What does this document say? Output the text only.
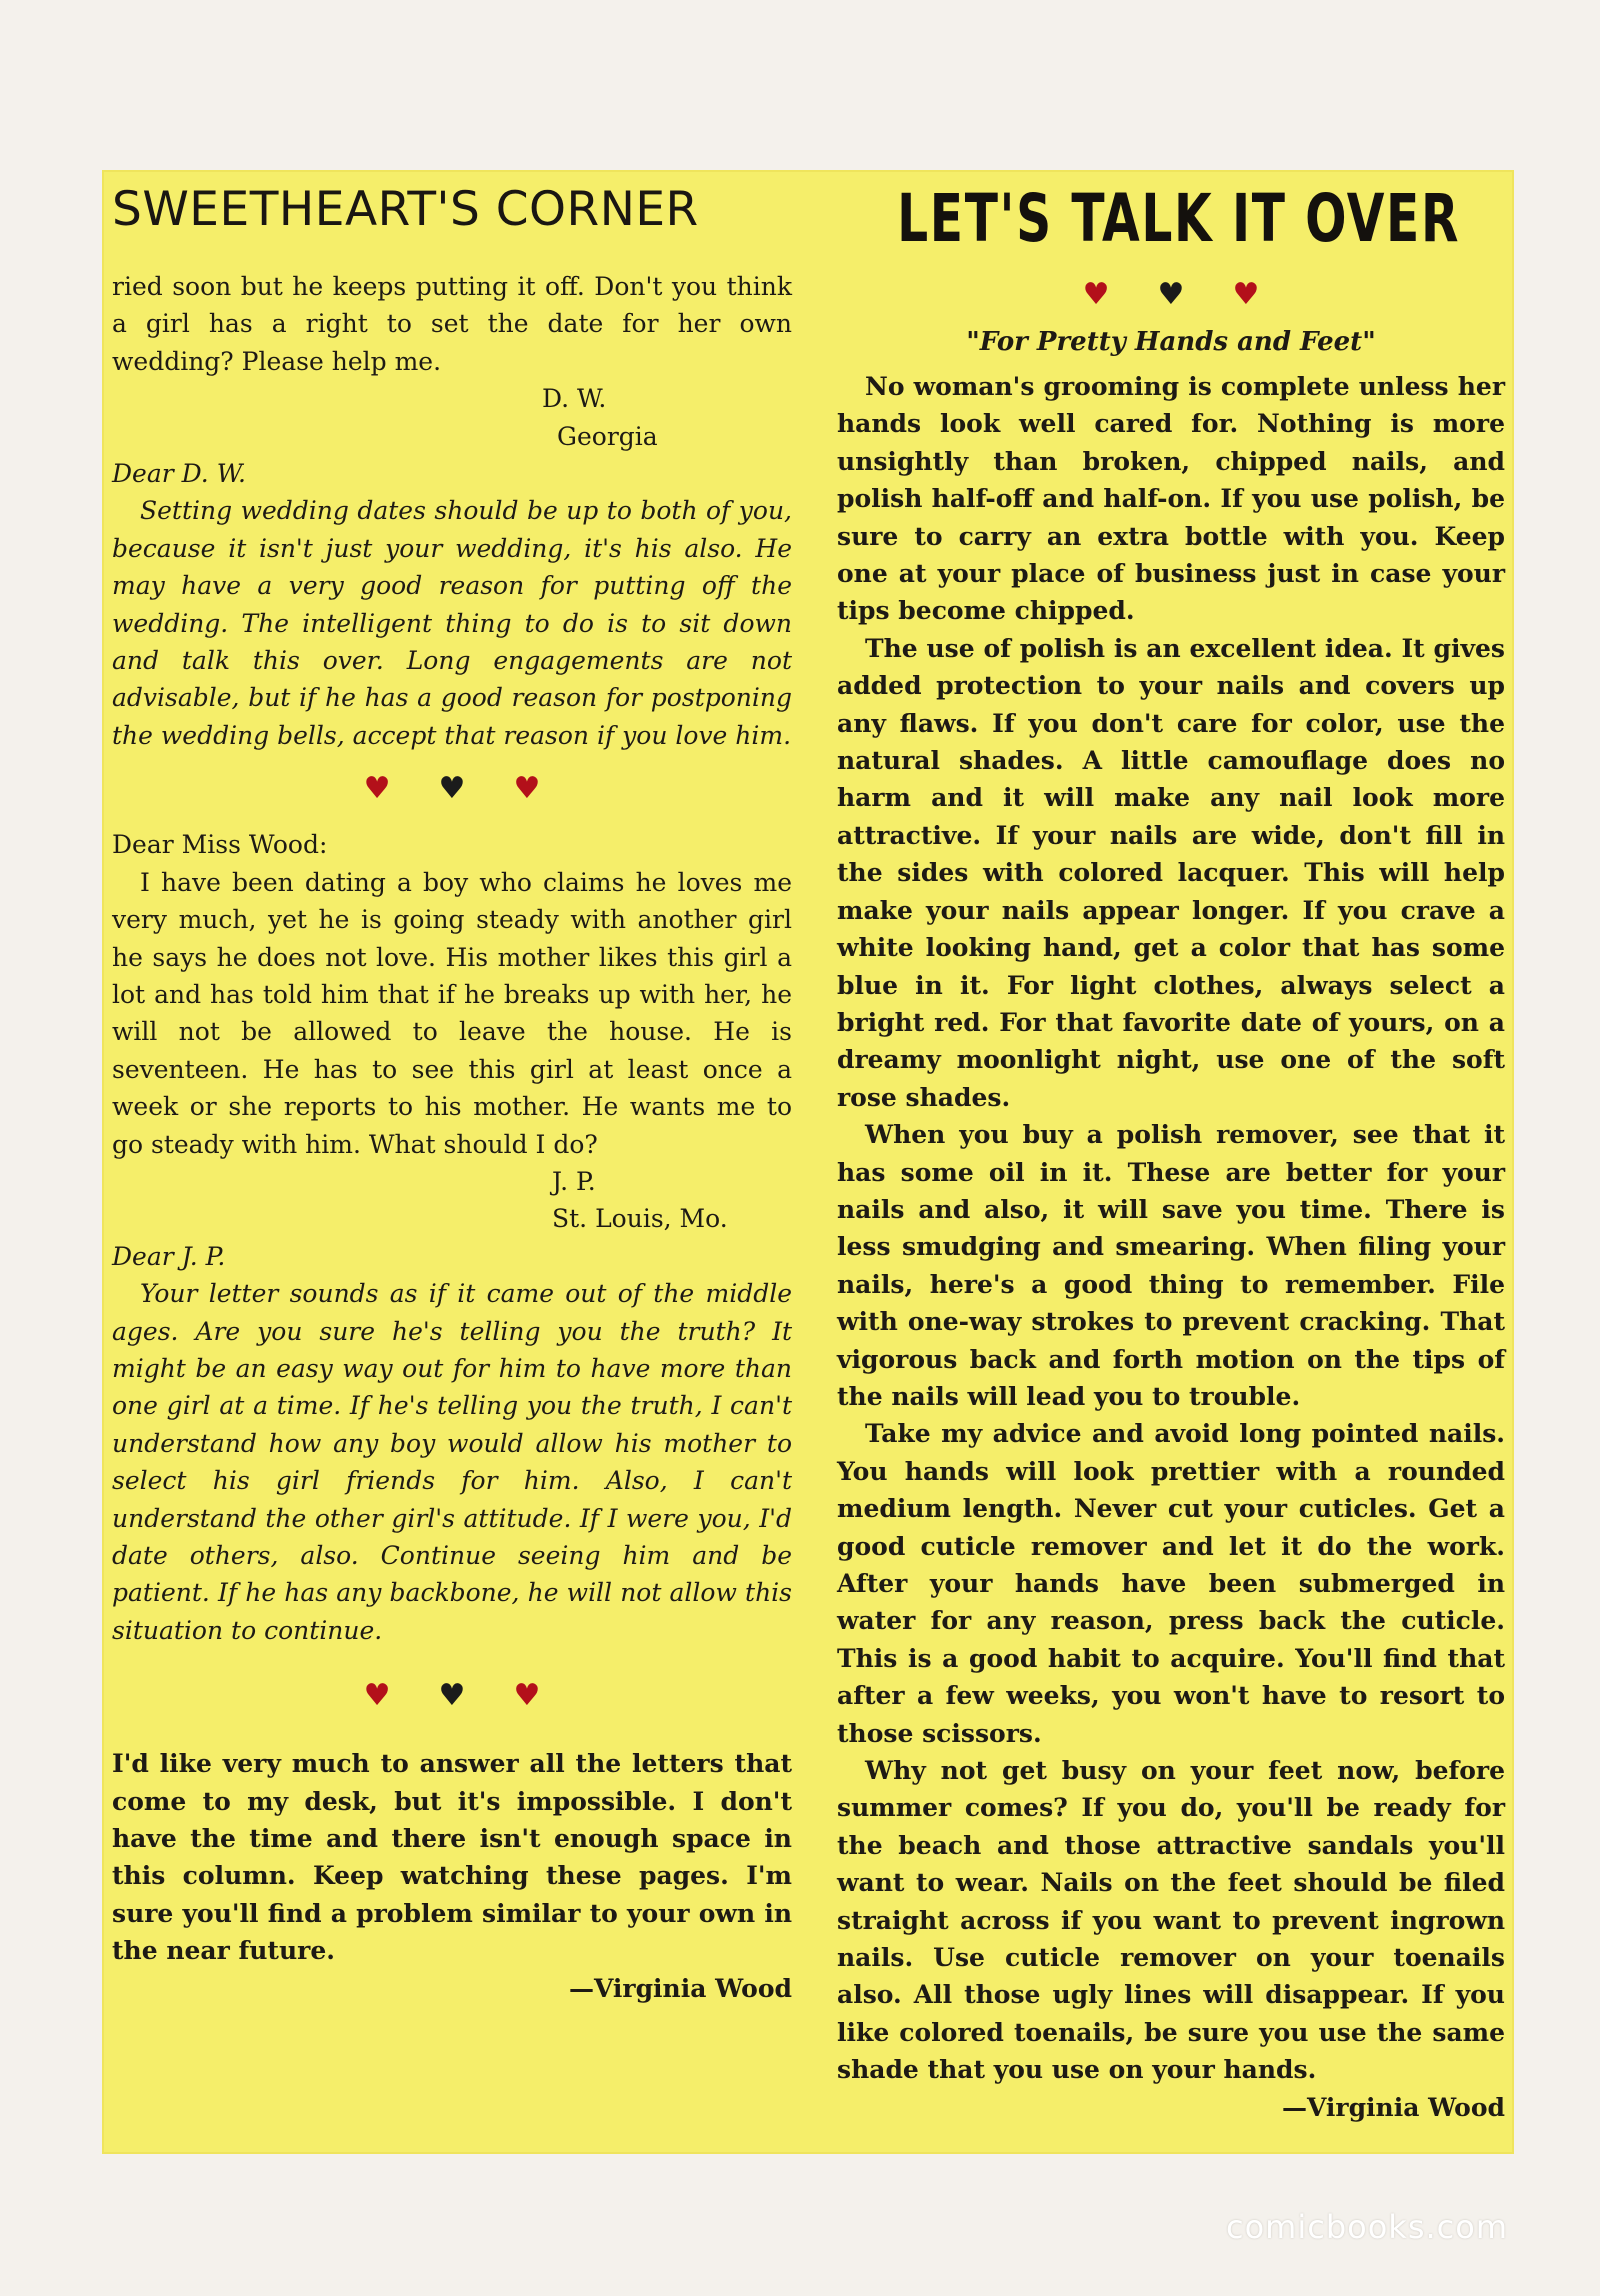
SWEETHEART'S CORNER

ried soon but he keeps putting it off. Don't you think a girl has a right to set the date for her own wedding? Please help me.

D. W.

Georgia

Dear D. W.

Setting wedding dates should be up to both of you, because it isn't just your wedding, it's his also. He may have a very good reason for putting off the wedding. The intelligent thing to do is to sit down and talk this over. Long engagements are not advisable, but if he has a good reason for postponing the wedding bells, accept that reason if you love him.

♥♥♥

Dear Miss Wood:

I have been dating a boy who claims he loves me very much, yet he is going steady with another girl he says he does not love. His mother likes this girl a lot and has told him that if he breaks up with her, he will not be allowed to leave the house. He is seventeen. He has to see this girl at least once a week or she reports to his mother. He wants me to go steady with him. What should I do?

J. P.

St. Louis, Mo.

Dear J. P.

Your letter sounds as if it came out of the middle ages. Are you sure he's telling you the truth? It might be an easy way out for him to have more than one girl at a time. If he's telling you the truth, I can't understand how any boy would allow his mother to select his girl friends for him. Also, I can't understand the other girl's attitude. If I were you, I'd date others, also. Continue seeing him and be patient. If he has any backbone, he will not allow this situation to continue.

♥♥♥

I'd like very much to answer all the letters that come to my desk, but it's impossible. I don't have the time and there isn't enough space in this column. Keep watching these pages. I'm sure you'll find a problem similar to your own in the near future.

—Virginia Wood

LET'S TALK IT OVER
♥♥♥

"For Pretty Hands and Feet"

No woman's grooming is complete unless her hands look well cared for. Nothing is more unsightly than broken, chipped nails, and polish half-off and half-on. If you use polish, be sure to carry an extra bottle with you. Keep one at your place of business just in case your tips become chipped.

The use of polish is an excellent idea. It gives added protection to your nails and covers up any flaws. If you don't care for color, use the natural shades. A little camouflage does no harm and it will make any nail look more attractive. If your nails are wide, don't fill in the sides with colored lacquer. This will help make your nails appear longer. If you crave a white looking hand, get a color that has some blue in it. For light clothes, always select a bright red. For that favorite date of yours, on a dreamy moonlight night, use one of the soft rose shades.

When you buy a polish remover, see that it has some oil in it. These are better for your nails and also, it will save you time. There is less smudging and smearing. When filing your nails, here's a good thing to remember. File with one-way strokes to prevent cracking. That vigorous back and forth motion on the tips of the nails will lead you to trouble.

Take my advice and avoid long pointed nails. You hands will look prettier with a rounded medium length. Never cut your cuticles. Get a good cuticle remover and let it do the work. After your hands have been submerged in water for any reason, press back the cuticle. This is a good habit to acquire. You'll find that after a few weeks, you won't have to resort to those scissors.

Why not get busy on your feet now, before summer comes? If you do, you'll be ready for the beach and those attractive sandals you'll want to wear. Nails on the feet should be filed straight across if you want to prevent ingrown nails. Use cuticle remover on your toenails also. All those ugly lines will disappear. If you like colored toenails, be sure you use the same shade that you use on your hands.

—Virginia Wood

comicbooks.com
